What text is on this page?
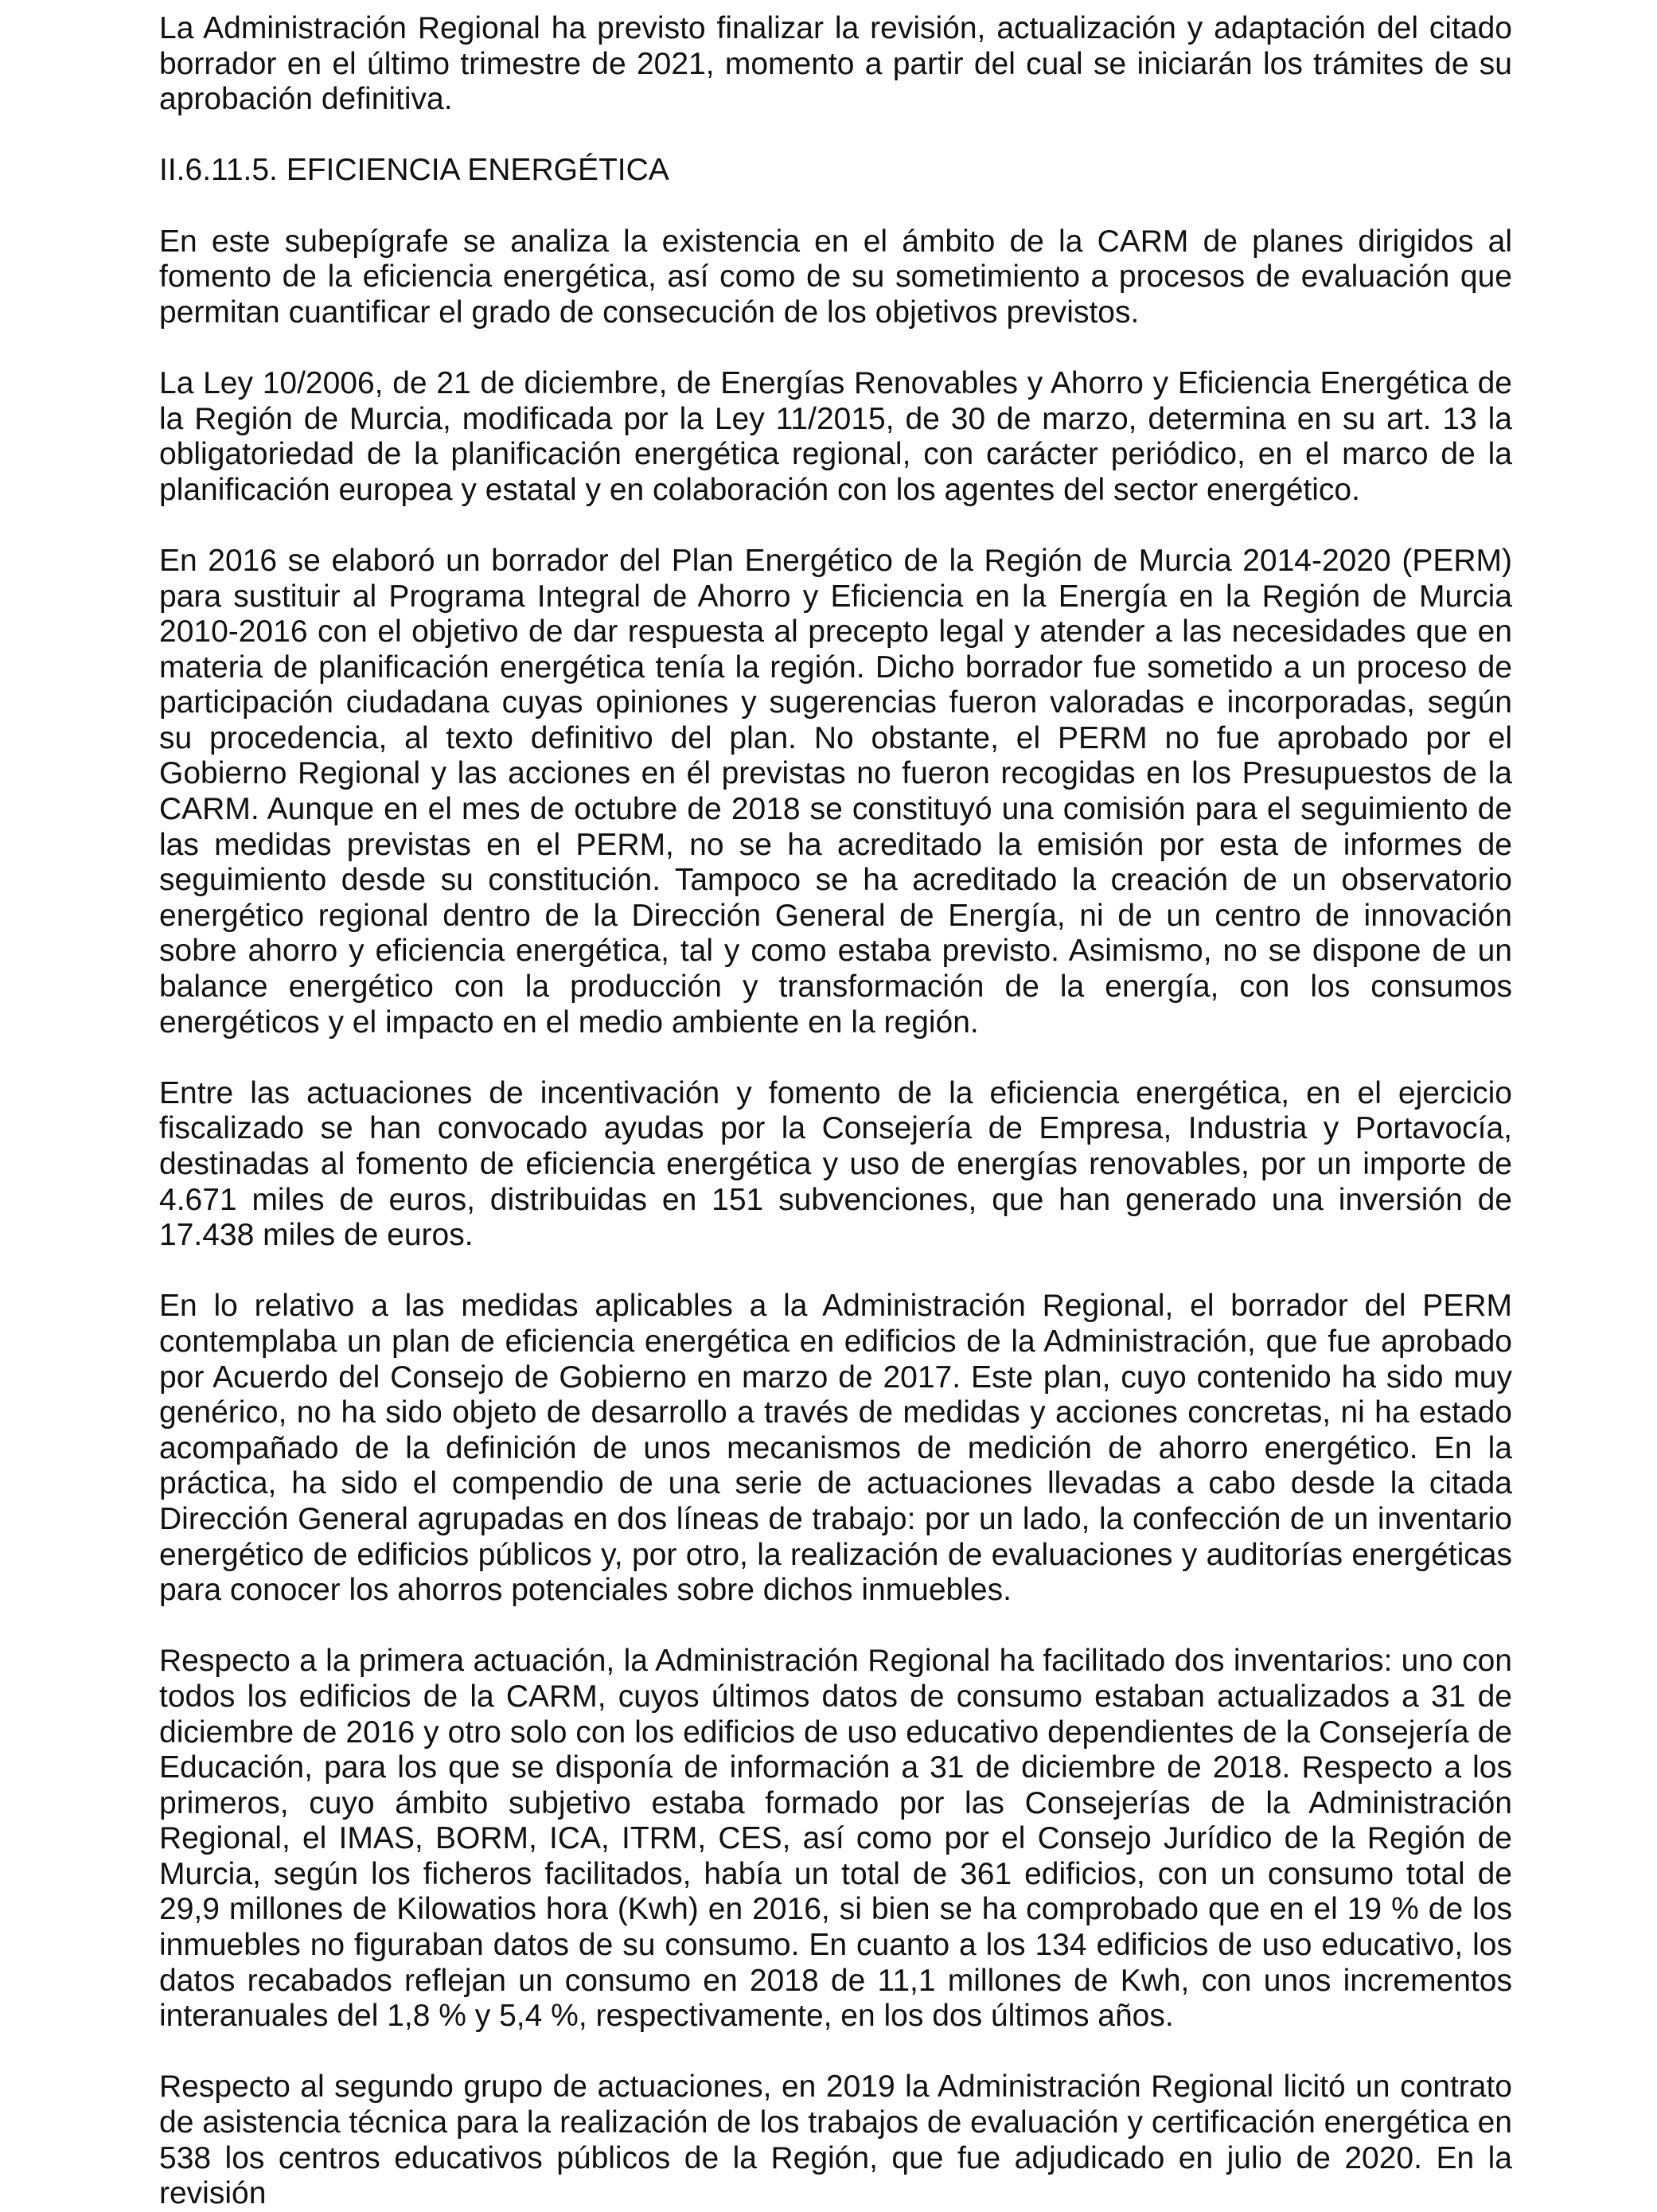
La Administración Regional ha previsto finalizar la revisión, actualización y adaptación del citado borrador en el último trimestre de 2021, momento a partir del cual se iniciarán los trámites de su aprobación definitiva.

II.6.11.5. EFICIENCIA ENERGÉTICA

En este subepígrafe se analiza la existencia en el ámbito de la CARM de planes dirigidos al fomento de la eficiencia energética, así como de su sometimiento a procesos de evaluación que permitan cuantificar el grado de consecución de los objetivos previstos.

La Ley 10/2006, de 21 de diciembre, de Energías Renovables y Ahorro y Eficiencia Energética de la Región de Murcia, modificada por la Ley 11/2015, de 30 de marzo, determina en su art. 13 la obligatoriedad de la planificación energética regional, con carácter periódico, en el marco de la planificación europea y estatal y en colaboración con los agentes del sector energético.

En 2016 se elaboró un borrador del Plan Energético de la Región de Murcia 2014-2020 (PERM) para sustituir al Programa Integral de Ahorro y Eficiencia en la Energía en la Región de Murcia 2010-2016 con el objetivo de dar respuesta al precepto legal y atender a las necesidades que en materia de planificación energética tenía la región. Dicho borrador fue sometido a un proceso de participación ciudadana cuyas opiniones y sugerencias fueron valoradas e incorporadas, según su procedencia, al texto definitivo del plan. No obstante, el PERM no fue aprobado por el Gobierno Regional y las acciones en él previstas no fueron recogidas en los Presupuestos de la CARM. Aunque en el mes de octubre de 2018 se constituyó una comisión para el seguimiento de las medidas previstas en el PERM, no se ha acreditado la emisión por esta de informes de seguimiento desde su constitución. Tampoco se ha acreditado la creación de un observatorio energético regional dentro de la Dirección General de Energía, ni de un centro de innovación sobre ahorro y eficiencia energética, tal y como estaba previsto. Asimismo, no se dispone de un balance energético con la producción y transformación de la energía, con los consumos energéticos y el impacto en el medio ambiente en la región.

Entre las actuaciones de incentivación y fomento de la eficiencia energética, en el ejercicio fiscalizado se han convocado ayudas por la Consejería de Empresa, Industria y Portavocía, destinadas al fomento de eficiencia energética y uso de energías renovables, por un importe de 4.671 miles de euros, distribuidas en 151 subvenciones, que han generado una inversión de 17.438 miles de euros.

En lo relativo a las medidas aplicables a la Administración Regional, el borrador del PERM contemplaba un plan de eficiencia energética en edificios de la Administración, que fue aprobado por Acuerdo del Consejo de Gobierno en marzo de 2017. Este plan, cuyo contenido ha sido muy genérico, no ha sido objeto de desarrollo a través de medidas y acciones concretas, ni ha estado acompañado de la definición de unos mecanismos de medición de ahorro energético. En la práctica, ha sido el compendio de una serie de actuaciones llevadas a cabo desde la citada Dirección General agrupadas en dos líneas de trabajo: por un lado, la confección de un inventario energético de edificios públicos y, por otro, la realización de evaluaciones y auditorías energéticas para conocer los ahorros potenciales sobre dichos inmuebles.

Respecto a la primera actuación, la Administración Regional ha facilitado dos inventarios: uno con todos los edificios de la CARM, cuyos últimos datos de consumo estaban actualizados a 31 de diciembre de 2016 y otro solo con los edificios de uso educativo dependientes de la Consejería de Educación, para los que se disponía de información a 31 de diciembre de 2018. Respecto a los primeros, cuyo ámbito subjetivo estaba formado por las Consejerías de la Administración Regional, el IMAS, BORM, ICA, ITRM, CES, así como por el Consejo Jurídico de la Región de Murcia, según los ficheros facilitados, había un total de 361 edificios, con un consumo total de 29,9 millones de Kilowatios hora (Kwh) en 2016, si bien se ha comprobado que en el 19 % de los inmuebles no figuraban datos de su consumo. En cuanto a los 134 edificios de uso educativo, los datos recabados reflejan un consumo en 2018 de 11,1 millones de Kwh, con unos incrementos interanuales del 1,8 % y 5,4 %, respectivamente, en los dos últimos años.

Respecto al segundo grupo de actuaciones, en 2019 la Administración Regional licitó un contrato de asistencia técnica para la realización de los trabajos de evaluación y certificación energética en 538 los centros educativos públicos de la Región, que fue adjudicado en julio de 2020. En la revisión
